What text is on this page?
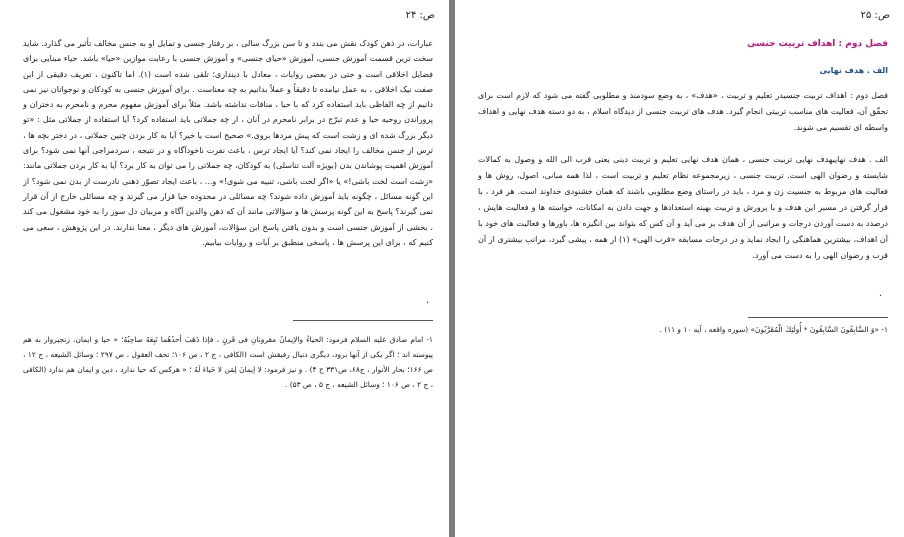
ص: ۲۴
عبارات، در ذهن کودک نقش می بندد و تا سن بزرگ سالی ، بر رفتار جنسی و تمایل او به جنس مخالف تأثیر می گذارد. شاید سخت ترین قسمت آموزش جنسی، آموزش «حیای جنسی» و آموزش جنسی با رعایت موازین «حیا» باشد. حیاء مبنایی برای فضایل اخلاقی است و حتی در بعضی روایات ، معادل با دینداری؛ تلقی شده است (۱). اما تاکنون ، تعریف دقیقی از این صفت نیک اخلاقی ، به عمل نیامده تا دقیقاً و عملاً بدانیم به چه معناست . برای آموزش جنسی به کودکان و نوجوانان نیز نمی دانیم از چه الفاظی باید استفاده کرد که با حیا ، منافات نداشته باشد. مثلاً برای آموزش مفهوم محرم و نامحرم به دختران و پروراندن روحیه حیا و عدم تبرّج در برابر نامحرم در آنان ، از چه جملاتی باید استفاده کرد؟ آیا استفاده از جملاتی مثل : «تو دیگر بزرگ شده ای و زشت است که پیش مردها بروی.» صحیح است یا خیر؟ آیا به کار بردن چنین جملاتی ، در دختر بچه ها ، ترس از جنس مخالف را ایجاد نمی کند؟ آیا ایجاد ترس ، باعث نفرت ناخودآگاه و در نتیجه ، سردمزاجی آنها نمی شود؟ برای آموزش اهمیت پوشاندن بدن (بویژه آلت تناسلی) به کودکان، چه جملاتی را می توان به کار برد؟ آیا به کار بردن جملاتی مانند: «زشت است لخت باشی!» یا «اگر لخت باشی، تنبیه می شوی!» و... ، باعث ایجاد تصوّر ذهنی نادرست از بدن نمی شود؟ از این گونه مسائل ، چگونه باید آموزش داده شوند؟ چه مسائلی در محدوده حیا قرار می گیرند و چه مسائلی خارج از آن قرار نمی گیرند؟ پاسخ به این گونه پرسش ها و سؤالاتی مانند آن که ذهن والدین آگاه و مربیان دل سوز را به خود مشغول می کند ، بخشی از آموزش جنسی است و بدون یافتن پاسخ این سؤالات، آموزش های دیگر ، معنا ندارند. در این پژوهش ، سعی می کنیم که ، برای این پرسش ها ، پاسخی منطبق بر آیات و روایات بیابیم.
.
۱- امام صادق علیه السلام فرمود: الحیاءُ والإیمانُ مقرونانِ فی قَرنٍ ، فإذا ذَهَبَ أحدُهُما تَبِعَهُ صاحِبُهُ؛ « حیا و ایمان، زنجیروار به هم پیوسته اند ؛ اگر یکی از آنها برود، دیگری دنبال رفیقش است (الکافی ، ج ۲ ، ص ۱۰۶؛ تحف العقول ، ص ۲۹۷ ؛ وسائل الشیعه ، ج ۱۲ ، ص ۱۶۶؛ بحار الأنوار ، ج۶۸، ص۳۳۱ ح ۴) . و نیز فرمود: لا إیمانَ لِمَن لا حَیاءَ لَهُ ؛ « هرکس که حیا ندارد ، دین و ایمان هم ندارد (الکافی ، ج ۲ ، ص ۱۰۶ ؛ وسائل الشیعه ، ج ۵ ، ص ۵۳) .
ص: ۲۵
فصل دوم : اهداف تربیت جنسی
الف . هدف نهایی
فصل دوم : اهداف تربیت جنسیدر تعلیم و تربیت ، «هدف» ، به وضع سودمند و مطلوبی گفته می شود که لازم است برای تحقّق آن، فعالیت های مناسب تربیتی انجام گیرد. هدف های تربیت جنسی از دیدگاه اسلام ، به دو دسته هدف نهایی و اهداف واسطه ای تقسیم می شوند.
الف . هدف نهاییهدف نهایی تربیت جنسی ، همان هدف نهایی تعلیم و تربیت دینی یعنی قرب الی الله و وصول به کمالات شایسته و رضوان الهی است. تربیت جنسی ، زیرمجموعه نظام تعلیم و تربیت است ، لذا همه مبانی، اصول، روش ها و فعالیت های مربوط به جنسیت زن و مرد ، باید در راستای وضع مطلوبی باشند که همان خشنودی خداوند است. هر فرد ، با قرار گرفتن در مسیر این هدف و با پرورش و تربیت بهینه استعدادها و جهت دادن به امکانات، خواسته ها و فعالیت هایش ، درصدد به دست آوردن درجات و مراتبی از آن هدف بر می آید و آن کس که بتواند بین انگیزه ها، باورها و فعالیت های خود با آن اهداف، بیشترین هماهنگی را ایجاد نماید و در درجات مسابقه «قرب الهی» (۱) از همه ، پیشی گیرد، مراتب بیشتری از آن قرب و رضوان الهی را به دست می آورد.
.
۱- «وَ السَّابِقُونَ السَّابِقُونَ * أُولَئِكَ الْمُقَرَّبُونَ» (سوره واقعه ، آیه ۱۰ و ۱۱) .
